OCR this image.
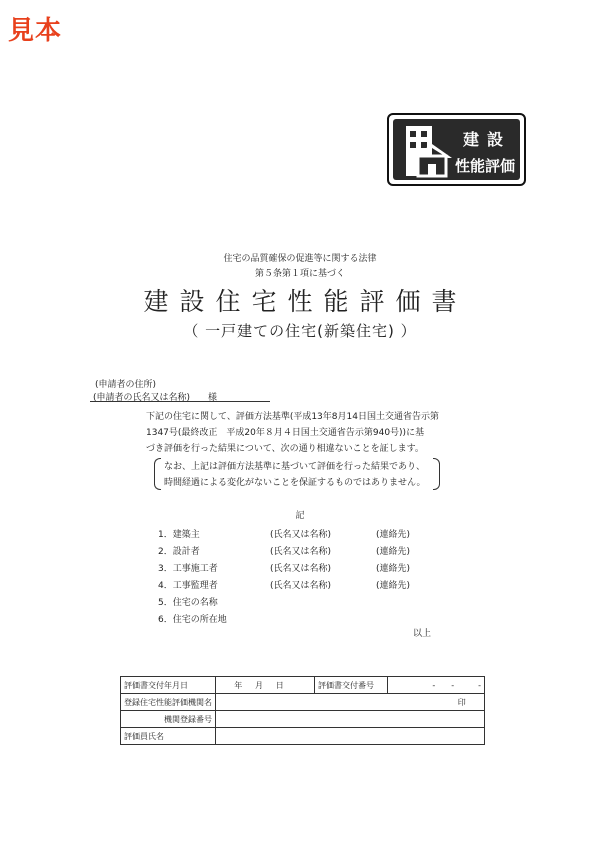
見本
建設
性能評価
住宅の品質確保の促進等に関する法律
第５条第１項に基づく
建設住宅性能評価書
（ 一戸建ての住宅(新築住宅) ）
(申請者の住所)
(申請者の氏名又は名称)　　様
下記の住宅に関して、評価方法基準(平成13年8月14日国土交通省告示第
1347号(最終改正　平成20年８月４日国土交通省告示第940号))に基
づき評価を行った結果について、次の通り相違ないことを証します。
なお、上記は評価方法基準に基づいて評価を行った結果であり、
時間経過による変化がないことを保証するものではありません。
記
1．建築主	(氏名又は名称)	(連絡先)
2．設計者	(氏名又は名称)	(連絡先)
3．工事施工者	(氏名又は名称)	(連絡先)
4．工事監理者	(氏名又は名称)	(連絡先)
5．住宅の名称
6．住宅の所在地
以上
評価書交付年月日	年 月 日	評価書交付番号	-　　-　　　-
登録住宅性能評価機関名	印		
機関登録番号			
評価員氏名			
